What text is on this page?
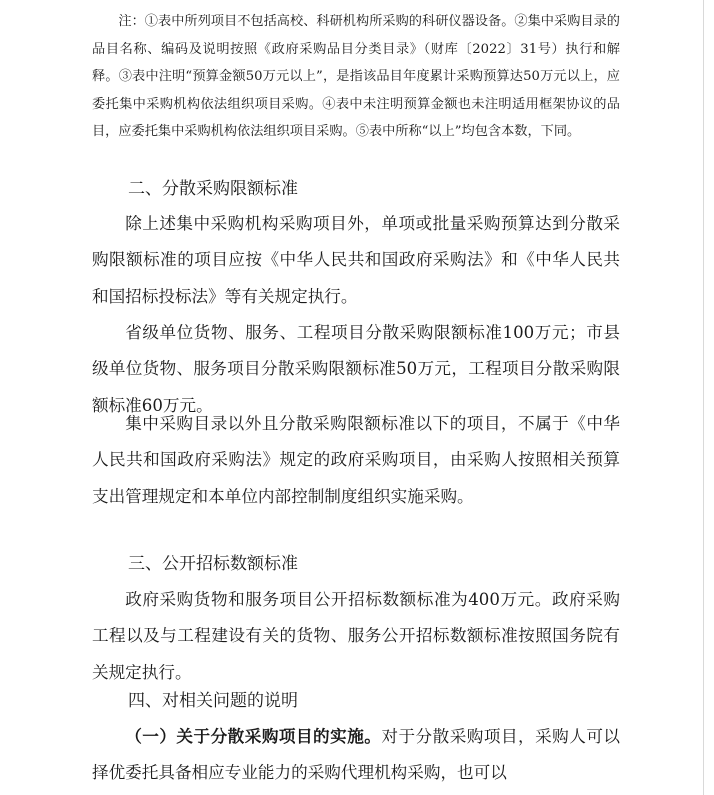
注：①表中所列项目不包括高校、科研机构所采购的科研仪器设备。②集中采购目录的品目名称、编码及说明按照《政府采购品目分类目录》（财库〔2022〕31号）执行和解释。③表中注明“预算金额50万元以上”，是指该品目年度累计采购预算达50万元以上，应委托集中采购机构依法组织项目采购。④表中未注明预算金额也未注明适用框架协议的品目，应委托集中采购机构依法组织项目采购。⑤表中所称“以上”均包含本数，下同。
二、分散采购限额标准
除上述集中采购机构采购项目外，单项或批量采购预算达到分散采购限额标准的项目应按《中华人民共和国政府采购法》和《中华人民共和国招标投标法》等有关规定执行。
省级单位货物、服务、工程项目分散采购限额标准100万元；市县级单位货物、服务项目分散采购限额标准50万元，工程项目分散采购限额标准60万元。
集中采购目录以外且分散采购限额标准以下的项目，不属于《中华人民共和国政府采购法》规定的政府采购项目，由采购人按照相关预算支出管理规定和本单位内部控制制度组织实施采购。
三、公开招标数额标准
政府采购货物和服务项目公开招标数额标准为400万元。政府采购工程以及与工程建设有关的货物、服务公开招标数额标准按照国务院有关规定执行。
四、对相关问题的说明
（一）关于分散采购项目的实施。对于分散采购项目，采购人可以择优委托具备相应专业能力的采购代理机构采购，也可以
